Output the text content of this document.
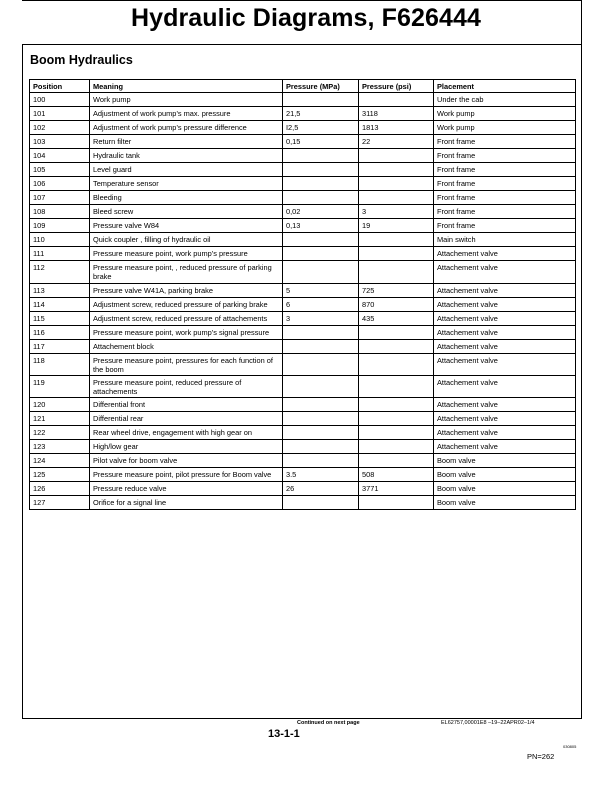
Hydraulic Diagrams, F626444
Boom Hydraulics
Position	Meaning	Pressure (MPa)	Pressure (psi)	Placement
100	Work pump			Under the cab
101	Adjustment of work pump’s max. pressure	21,5	3118	Work pump
102	Adjustment of work pump’s pressure difference	I2,5	1813	Work pump
103	Return filter	0,15	22	Front frame
104	Hydraulic tank			Front frame
105	Level guard			Front frame
106	Temperature sensor			Front frame
107	Bleeding			Front frame
108	Bleed screw	0,02	3	Front frame
109	Pressure valve W84	0,13	19	Front frame
110	Quick coupler , filling of hydraulic oil			Main switch
111	Pressure measure point, work pump’s pressure			Attachement valve
112	Pressure measure point, , reduced pressure of parking brake			Attachement valve
113	Pressure valve W41A, parking brake	5	725	Attachement valve
114	Adjustment screw, reduced pressure of parking brake	6	870	Attachement valve
115	Adjustment screw, reduced pressure of attachements	3	435	Attachement valve
116	Pressure measure point, work pump’s signal pressure			Attachement valve
117	Attachement block			Attachement valve
118	Pressure measure point, pressures for each function of the boom			Attachement valve
119	Pressure measure point, reduced pressure of attachements			Attachement valve
120	Differential front			Attachement valve
121	Differential rear			Attachement valve
122	Rear wheel drive, engagement with high gear on			Attachement valve
123	High/low gear			Attachement valve
124	Pilot valve for boom valve			Boom valve
125	Pressure measure point, pilot pressure for Boom valve	3.5	508	Boom valve
126	Pressure reduce valve	26	3771	Boom valve
127	Orifice for a signal line			Boom valve
Continued on next page	EL62757,00001E8 –19–22APR02–1/4
13-1-1
030805
PN=262
